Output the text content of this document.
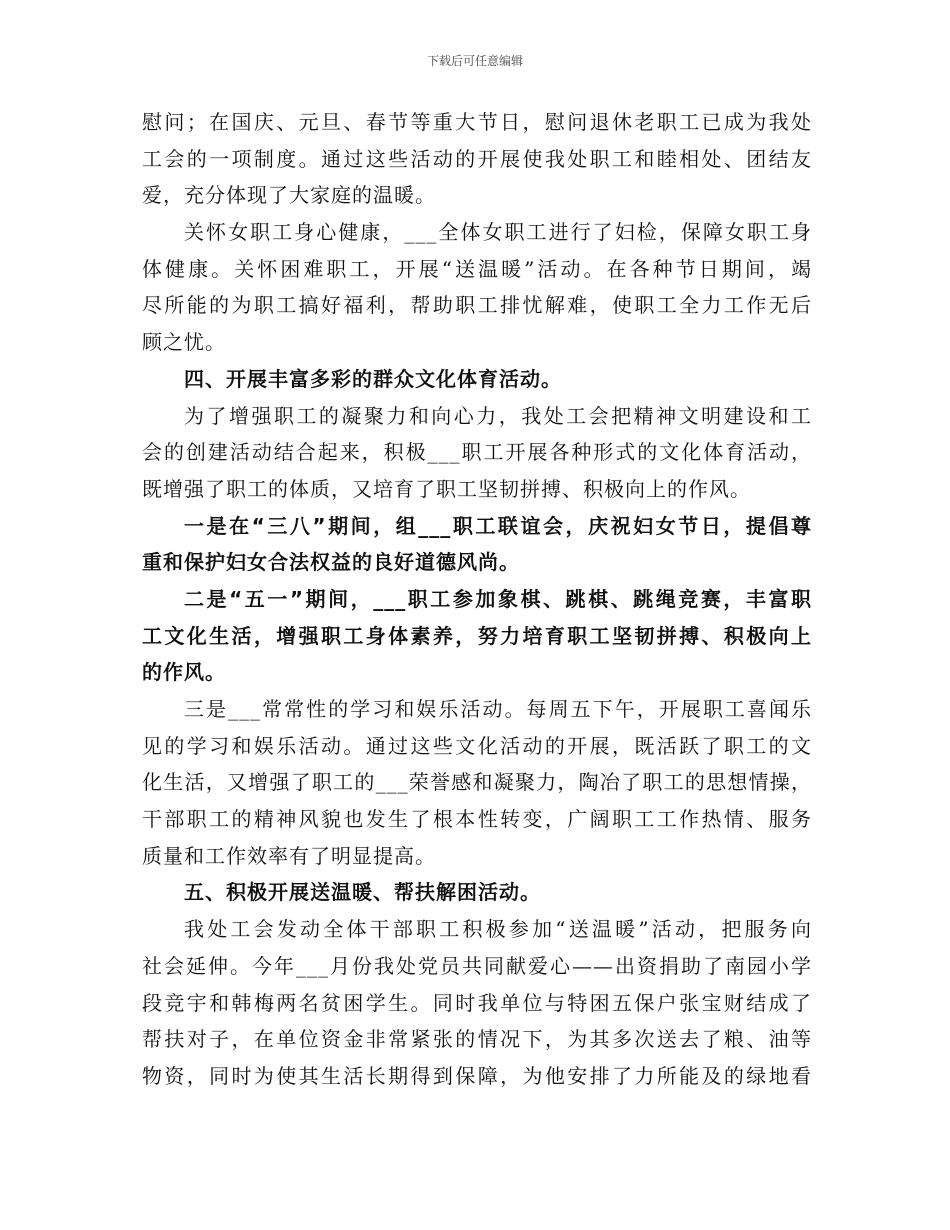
下载后可任意编辑
慰问；在国庆、元旦、春节等重大节日，慰问退休老职工已成为我处
工会的一项制度。通过这些活动的开展使我处职工和睦相处、团结友
爱，充分体现了大家庭的温暖。
关怀女职工身心健康，___全体女职工进行了妇检，保障女职工身
体健康。关怀困难职工，开展“送温暖”活动。在各种节日期间，竭
尽所能的为职工搞好福利，帮助职工排忧解难，使职工全力工作无后
顾之忧。
四、开展丰富多彩的群众文化体育活动。
为了增强职工的凝聚力和向心力，我处工会把精神文明建设和工
会的创建活动结合起来，积极___职工开展各种形式的文化体育活动，
既增强了职工的体质，又培育了职工坚韧拼搏、积极向上的作风。
一是在“三八”期间，组___职工联谊会，庆祝妇女节日，提倡尊
重和保护妇女合法权益的良好道德风尚。
二是“五一”期间，___职工参加象棋、跳棋、跳绳竞赛，丰富职
工文化生活，增强职工身体素养，努力培育职工坚韧拼搏、积极向上
的作风。
三是___常常性的学习和娱乐活动。每周五下午，开展职工喜闻乐
见的学习和娱乐活动。通过这些文化活动的开展，既活跃了职工的文
化生活，又增强了职工的___荣誉感和凝聚力，陶冶了职工的思想情操，
干部职工的精神风貌也发生了根本性转变，广阔职工工作热情、服务
质量和工作效率有了明显提高。
五、积极开展送温暖、帮扶解困活动。
我处工会发动全体干部职工积极参加“送温暖”活动，把服务向
社会延伸。今年___月份我处党员共同献爱心——出资捐助了南园小学
段竞宇和韩梅两名贫困学生。同时我单位与特困五保户张宝财结成了
帮扶对子，在单位资金非常紧张的情况下，为其多次送去了粮、油等
物资，同时为使其生活长期得到保障，为他安排了力所能及的绿地看
